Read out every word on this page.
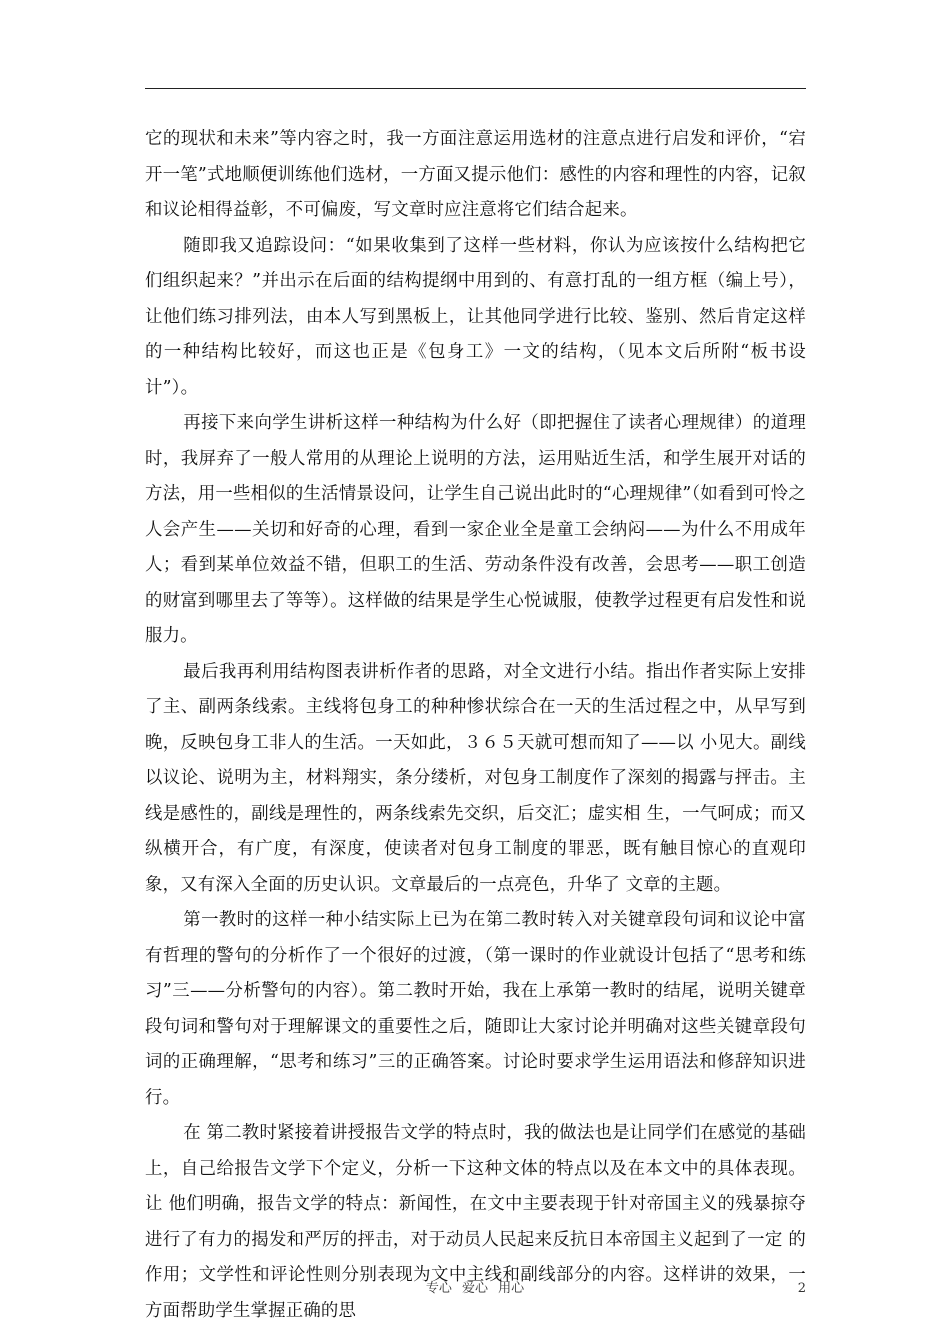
它的现状和未来”等内容之时，我一方面注意运用选材的注意点进行启发和评价，“宕开一笔”式地顺便训练他们选材，一方面又提示他们：感性的内容和理性的内容，记叙和议论相得益彰，不可偏废，写文章时应注意将它们结合起来。

随即我又追踪设问：“如果收集到了这样一些材料，你认为应该按什么结构把它们组织起来？”并出示在后面的结构提纲中用到的、有意打乱的一组方框（编上号），让他们练习排列法，由本人写到黑板上，让其他同学进行比较、鉴别、然后肯定这样的一种结构比较好，而这也正是《包身工》一文的结构，（见本文后所附“板书设计”）。

再接下来向学生讲析这样一种结构为什么好（即把握住了读者心理规律）的道理时，我屏弃了一般人常用的从理论上说明的方法，运用贴近生活，和学生展开对话的方法，用一些相似的生活情景设问，让学生自己说出此时的“心理规律”（如看到可怜之人会产生——关切和好奇的心理，看到一家企业全是童工会纳闷——为什么不用成年人；看到某单位效益不错，但职工的生活、劳动条件没有改善，会思考——职工创造的财富到哪里去了等等）。这样做的结果是学生心悦诚服，使教学过程更有启发性和说服力。

最后我再利用结构图表讲析作者的思路，对全文进行小结。指出作者实际上安排了主、副两条线索。主线将包身工的种种惨状综合在一天的生活过程之中，从早写到晚，反映包身工非人的生活。一天如此，３６５天就可想而知了——以 小见大。副线以议论、说明为主，材料翔实，条分缕析，对包身工制度作了深刻的揭露与抨击。主线是感性的，副线是理性的，两条线索先交织，后交汇；虚实相 生，一气呵成；而又纵横开合，有广度，有深度，使读者对包身工制度的罪恶，既有触目惊心的直观印象，又有深入全面的历史认识。文章最后的一点亮色，升华了 文章的主题。

第一教时的这样一种小结实际上已为在第二教时转入对关键章段句词和议论中富有哲理的警句的分析作了一个很好的过渡，（第一课时的作业就设计包括了“思考和练习”三——分析警句的内容）。第二教时开始，我在上承第一教时的结尾，说明关键章段句词和警句对于理解课文的重要性之后，随即让大家讨论并明确对这些关键章段句词的正确理解，“思考和练习”三的正确答案。讨论时要求学生运用语法和修辞知识进行。

在 第二教时紧接着讲授报告文学的特点时，我的做法也是让同学们在感觉的基础上，自己给报告文学下个定义，分析一下这种文体的特点以及在本文中的具体表现。让 他们明确，报告文学的特点：新闻性，在文中主要表现于针对帝国主义的残暴掠夺进行了有力的揭发和严厉的抨击，对于动员人民起来反抗日本帝国主义起到了一定 的作用；文学性和评论性则分别表现为文中主线和副线部分的内容。这样讲的效果，一方面帮助学生掌握正确的思

专心 爱心 用心	2
